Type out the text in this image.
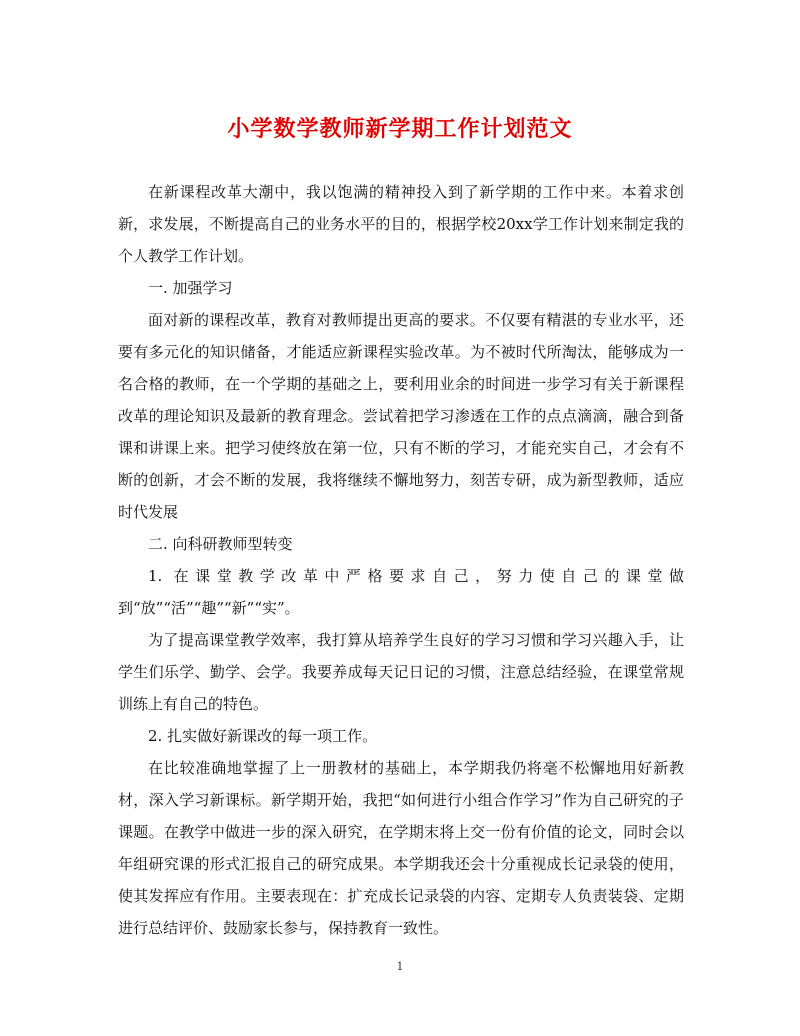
小学数学教师新学期工作计划范文

在新课程改革大潮中，我以饱满的精神投入到了新学期的工作中来。本着求创新，求发展，不断提高自己的业务水平的目的，根据学校20xx学工作计划来制定我的个人教学工作计划。

一. 加强学习

面对新的课程改革，教育对教师提出更高的要求。不仅要有精湛的专业水平，还要有多元化的知识储备，才能适应新课程实验改革。为不被时代所淘汰，能够成为一名合格的教师，在一个学期的基础之上，要利用业余的时间进一步学习有关于新课程改革的理论知识及最新的教育理念。尝试着把学习渗透在工作的点点滴滴，融合到备课和讲课上来。把学习使终放在第一位，只有不断的学习，才能充实自己，才会有不断的创新，才会不断的发展，我将继续不懈地努力，刻苦专研，成为新型教师，适应时代发展

二. 向科研教师型转变

1. 在课堂教学改革中严格要求自己，努力使自己的课堂做到“放”“活”“趣”“新”“实”。

为了提高课堂教学效率，我打算从培养学生良好的学习习惯和学习兴趣入手，让学生们乐学、勤学、会学。我要养成每天记日记的习惯，注意总结经验，在课堂常规训练上有自己的特色。

2. 扎实做好新课改的每一项工作。

在比较准确地掌握了上一册教材的基础上，本学期我仍将毫不松懈地用好新教材，深入学习新课标。新学期开始，我把“如何进行小组合作学习”作为自己研究的子课题。在教学中做进一步的深入研究，在学期末将上交一份有价值的论文，同时会以年组研究课的形式汇报自己的研究成果。本学期我还会十分重视成长记录袋的使用，使其发挥应有作用。主要表现在：扩充成长记录袋的内容、定期专人负责装袋、定期进行总结评价、鼓励家长参与，保持教育一致性。

1
